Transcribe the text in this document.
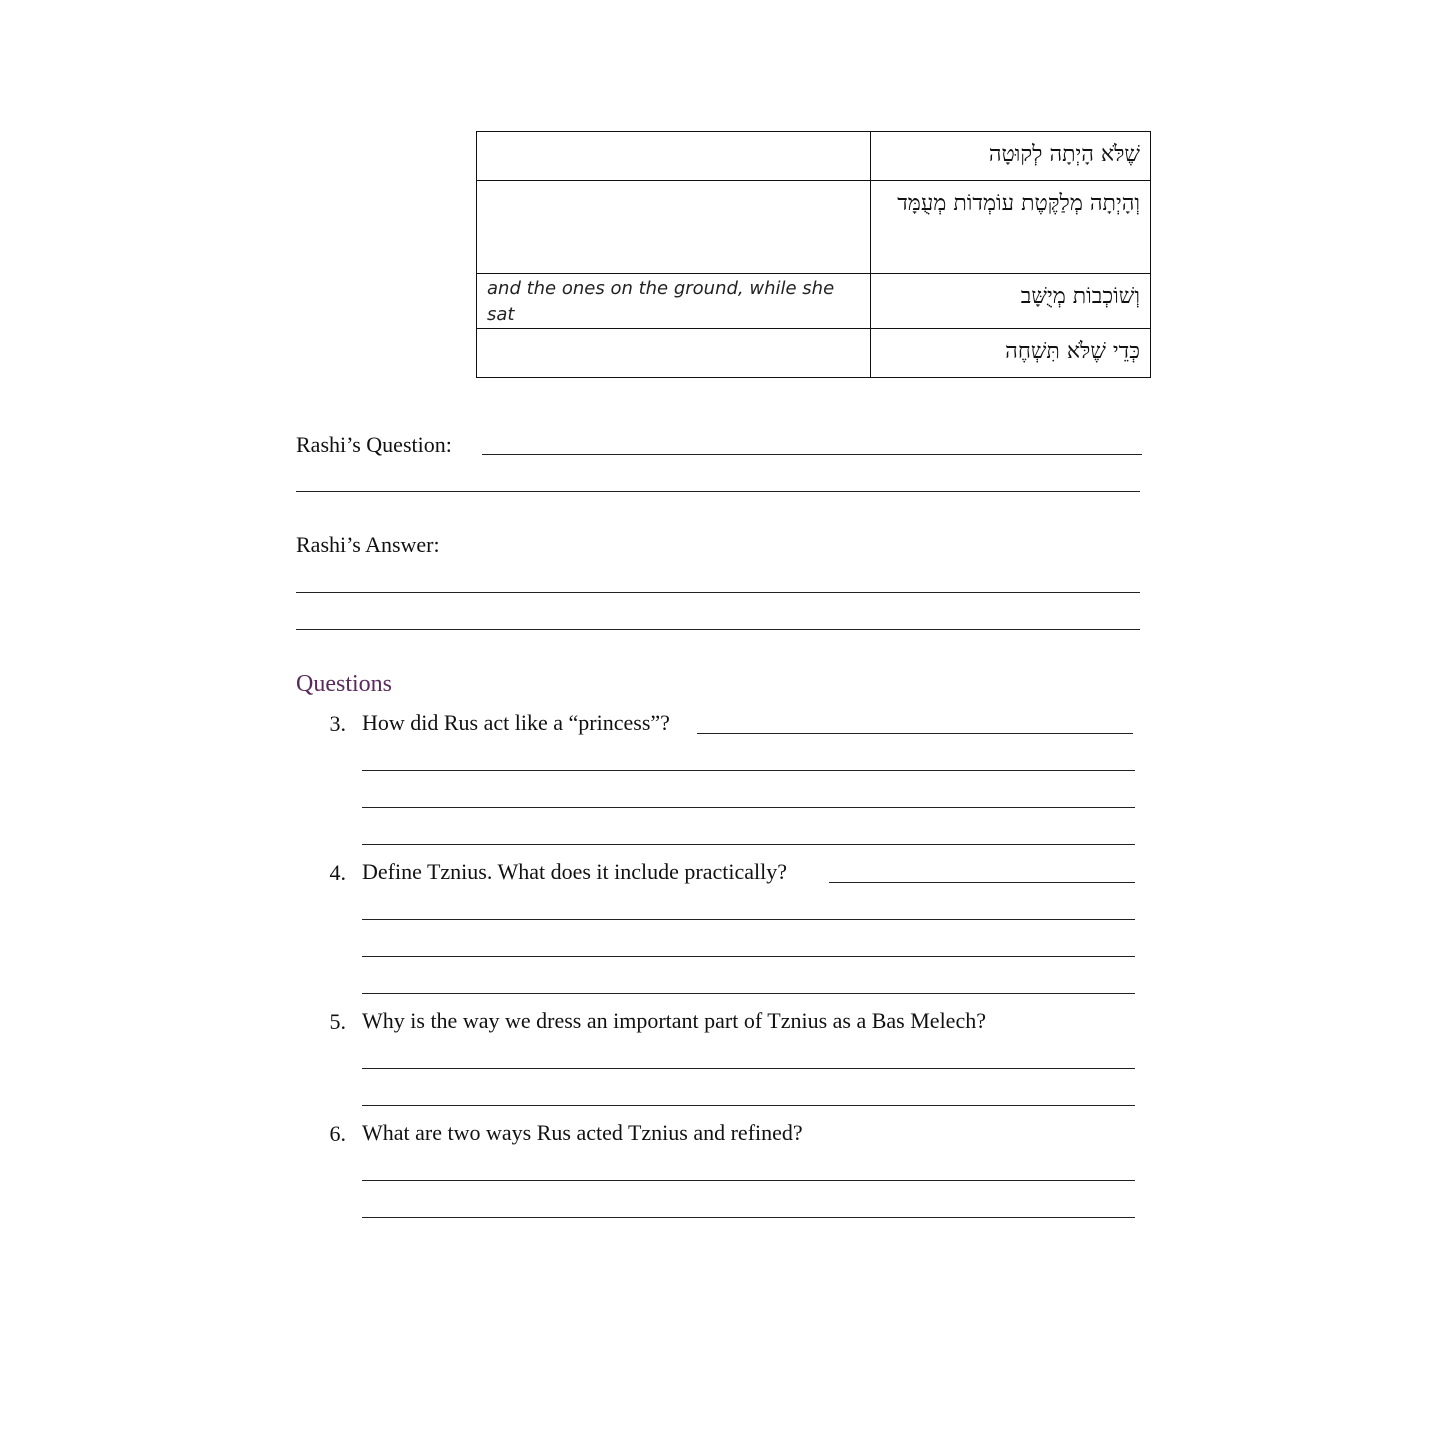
	שֶׁלֹּא הָיְתָה לְקוּטָה
	וְהָיְתָה מְלַקֶּטֶת עוֹמְדוֹת מְעֻמָּד
and the ones on the ground, while she sat	וְשׁוֹכְבוֹת מְיֻשָּׁב
	כְּדֵי שֶׁלֹּא תִּשְׁחֶה
Rashi’s Question:
Rashi’s Answer:
Questions
3. How did Rus act like a “princess”?
4. Define Tznius. What does it include practically?
5. Why is the way we dress an important part of Tznius as a Bas Melech?
6. What are two ways Rus acted Tznius and refined?
